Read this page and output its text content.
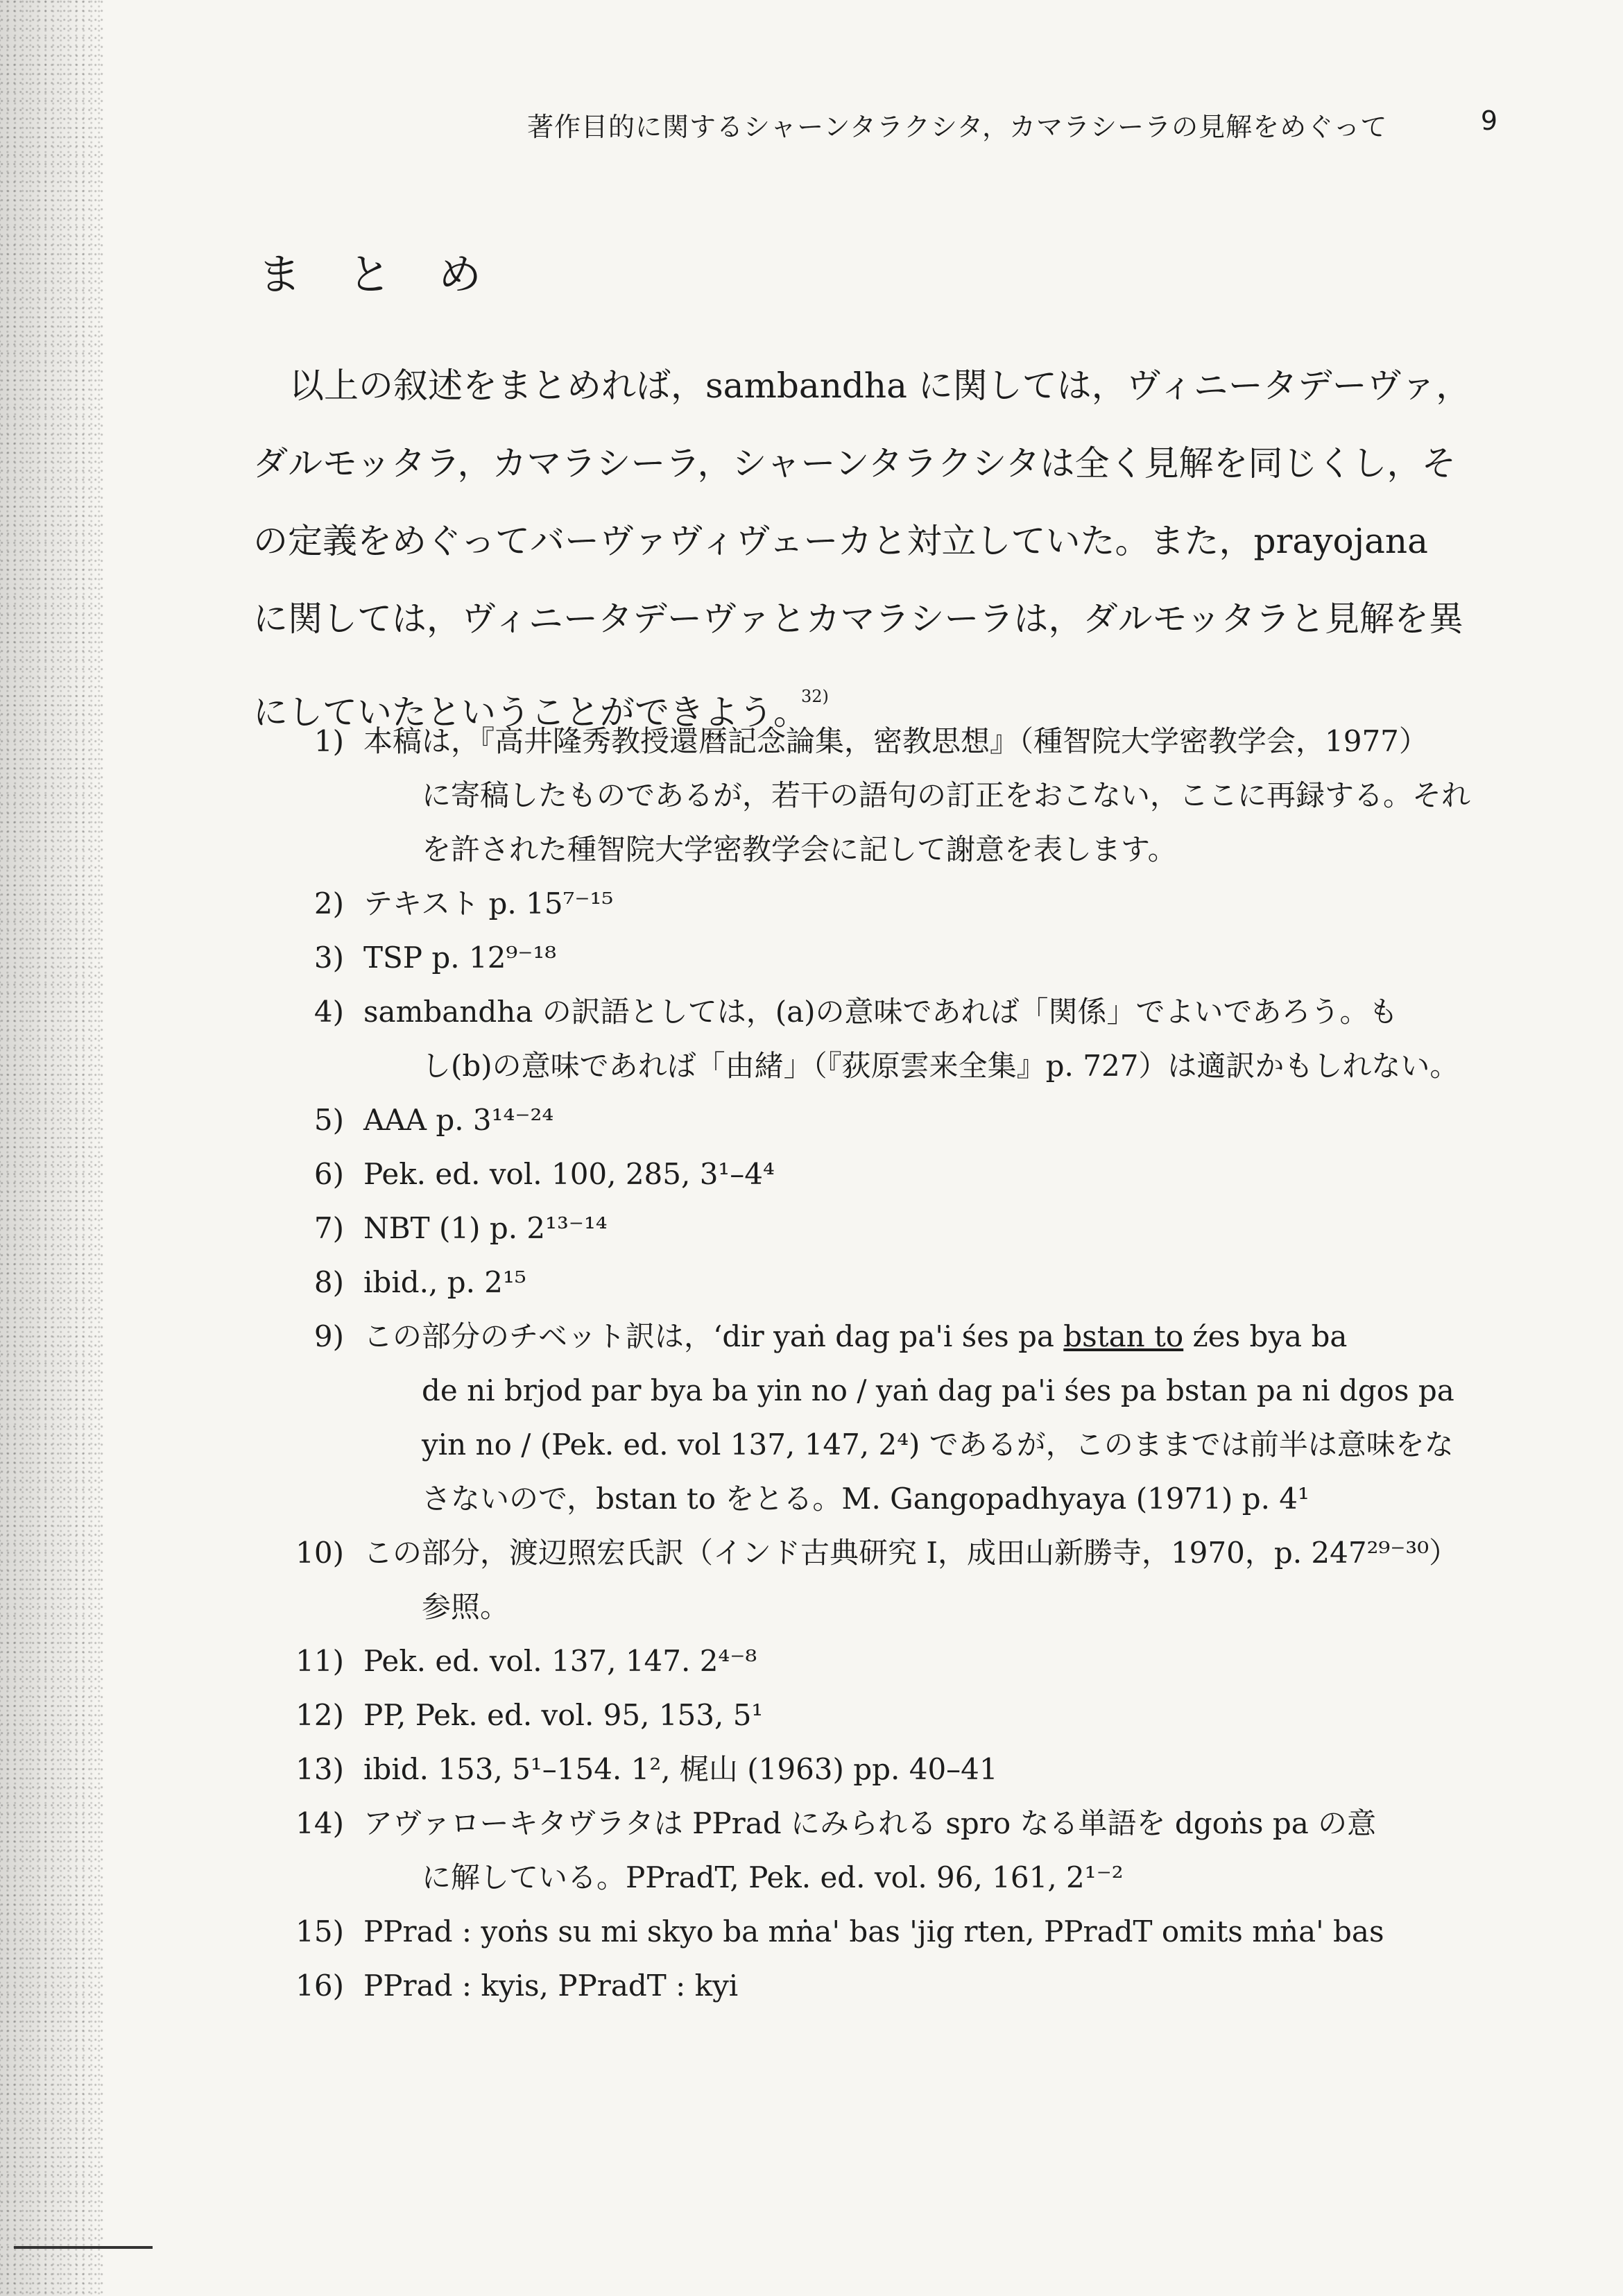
著作目的に関するシャーンタラクシタ，カマラシーラの見解をめぐって	9
まとめ
以上の叙述をまとめれば，sambandha に関しては，ヴィニータデーヴァ，
ダルモッタラ，カマラシーラ，シャーンタラクシタは全く見解を同じくし，そ
の定義をめぐってバーヴァヴィヴェーカと対立していた。また，prayojana
に関しては，ヴィニータデーヴァとカマラシーラは，ダルモッタラと見解を異
にしていたということができよう。$^{32)}$
1) 本稿は，『高井隆秀教授還暦記念論集，密教思想』（種智院大学密教学会，1977）
に寄稿したものであるが，若干の語句の訂正をおこない，ここに再録する。それ
を許された種智院大学密教学会に記して謝意を表します。
2) テキスト p. 15⁷⁻¹⁵
3) TSP p. 12⁹⁻¹⁸
4) sambandha の訳語としては，(a)の意味であれば「関係」でよいであろう。も
し(b)の意味であれば「由緒」（『荻原雲来全集』p. 727）は適訳かもしれない。
5) AAA p. 3¹⁴⁻²⁴
6) Pek. ed. vol. 100, 285, 3¹–4⁴
7) NBT (1) p. 2¹³⁻¹⁴
8) ibid., p. 2¹⁵
9) この部分のチベット訳は，‘dir yaṅ dag pa'i śes pa bstan to źes bya ba
de ni brjod par bya ba yin no / yaṅ dag pa'i śes pa bstan pa ni dgos pa
yin no / (Pek. ed. vol 137, 147, 2⁴) であるが，このままでは前半は意味をな
さないので，bstan to をとる。M. Gangopadhyaya (1971) p. 4¹
10) この部分，渡辺照宏氏訳（インド古典研究 I，成田山新勝寺，1970，p. 247²⁹⁻³⁰）
参照。
11) Pek. ed. vol. 137, 147. 2⁴⁻⁸
12) PP, Pek. ed. vol. 95, 153, 5¹
13) ibid. 153, 5¹–154. 1², 梶山 (1963) pp. 40–41
14) アヴァローキタヴラタは PPrad にみられる spro なる単語を dgoṅs pa の意
に解している。PPradT, Pek. ed. vol. 96, 161, 2¹⁻²
15) PPrad : yoṅs su mi skyo ba mṅa' bas 'jig rten, PPradT omits mṅa' bas
16) PPrad : kyis, PPradT : kyi
